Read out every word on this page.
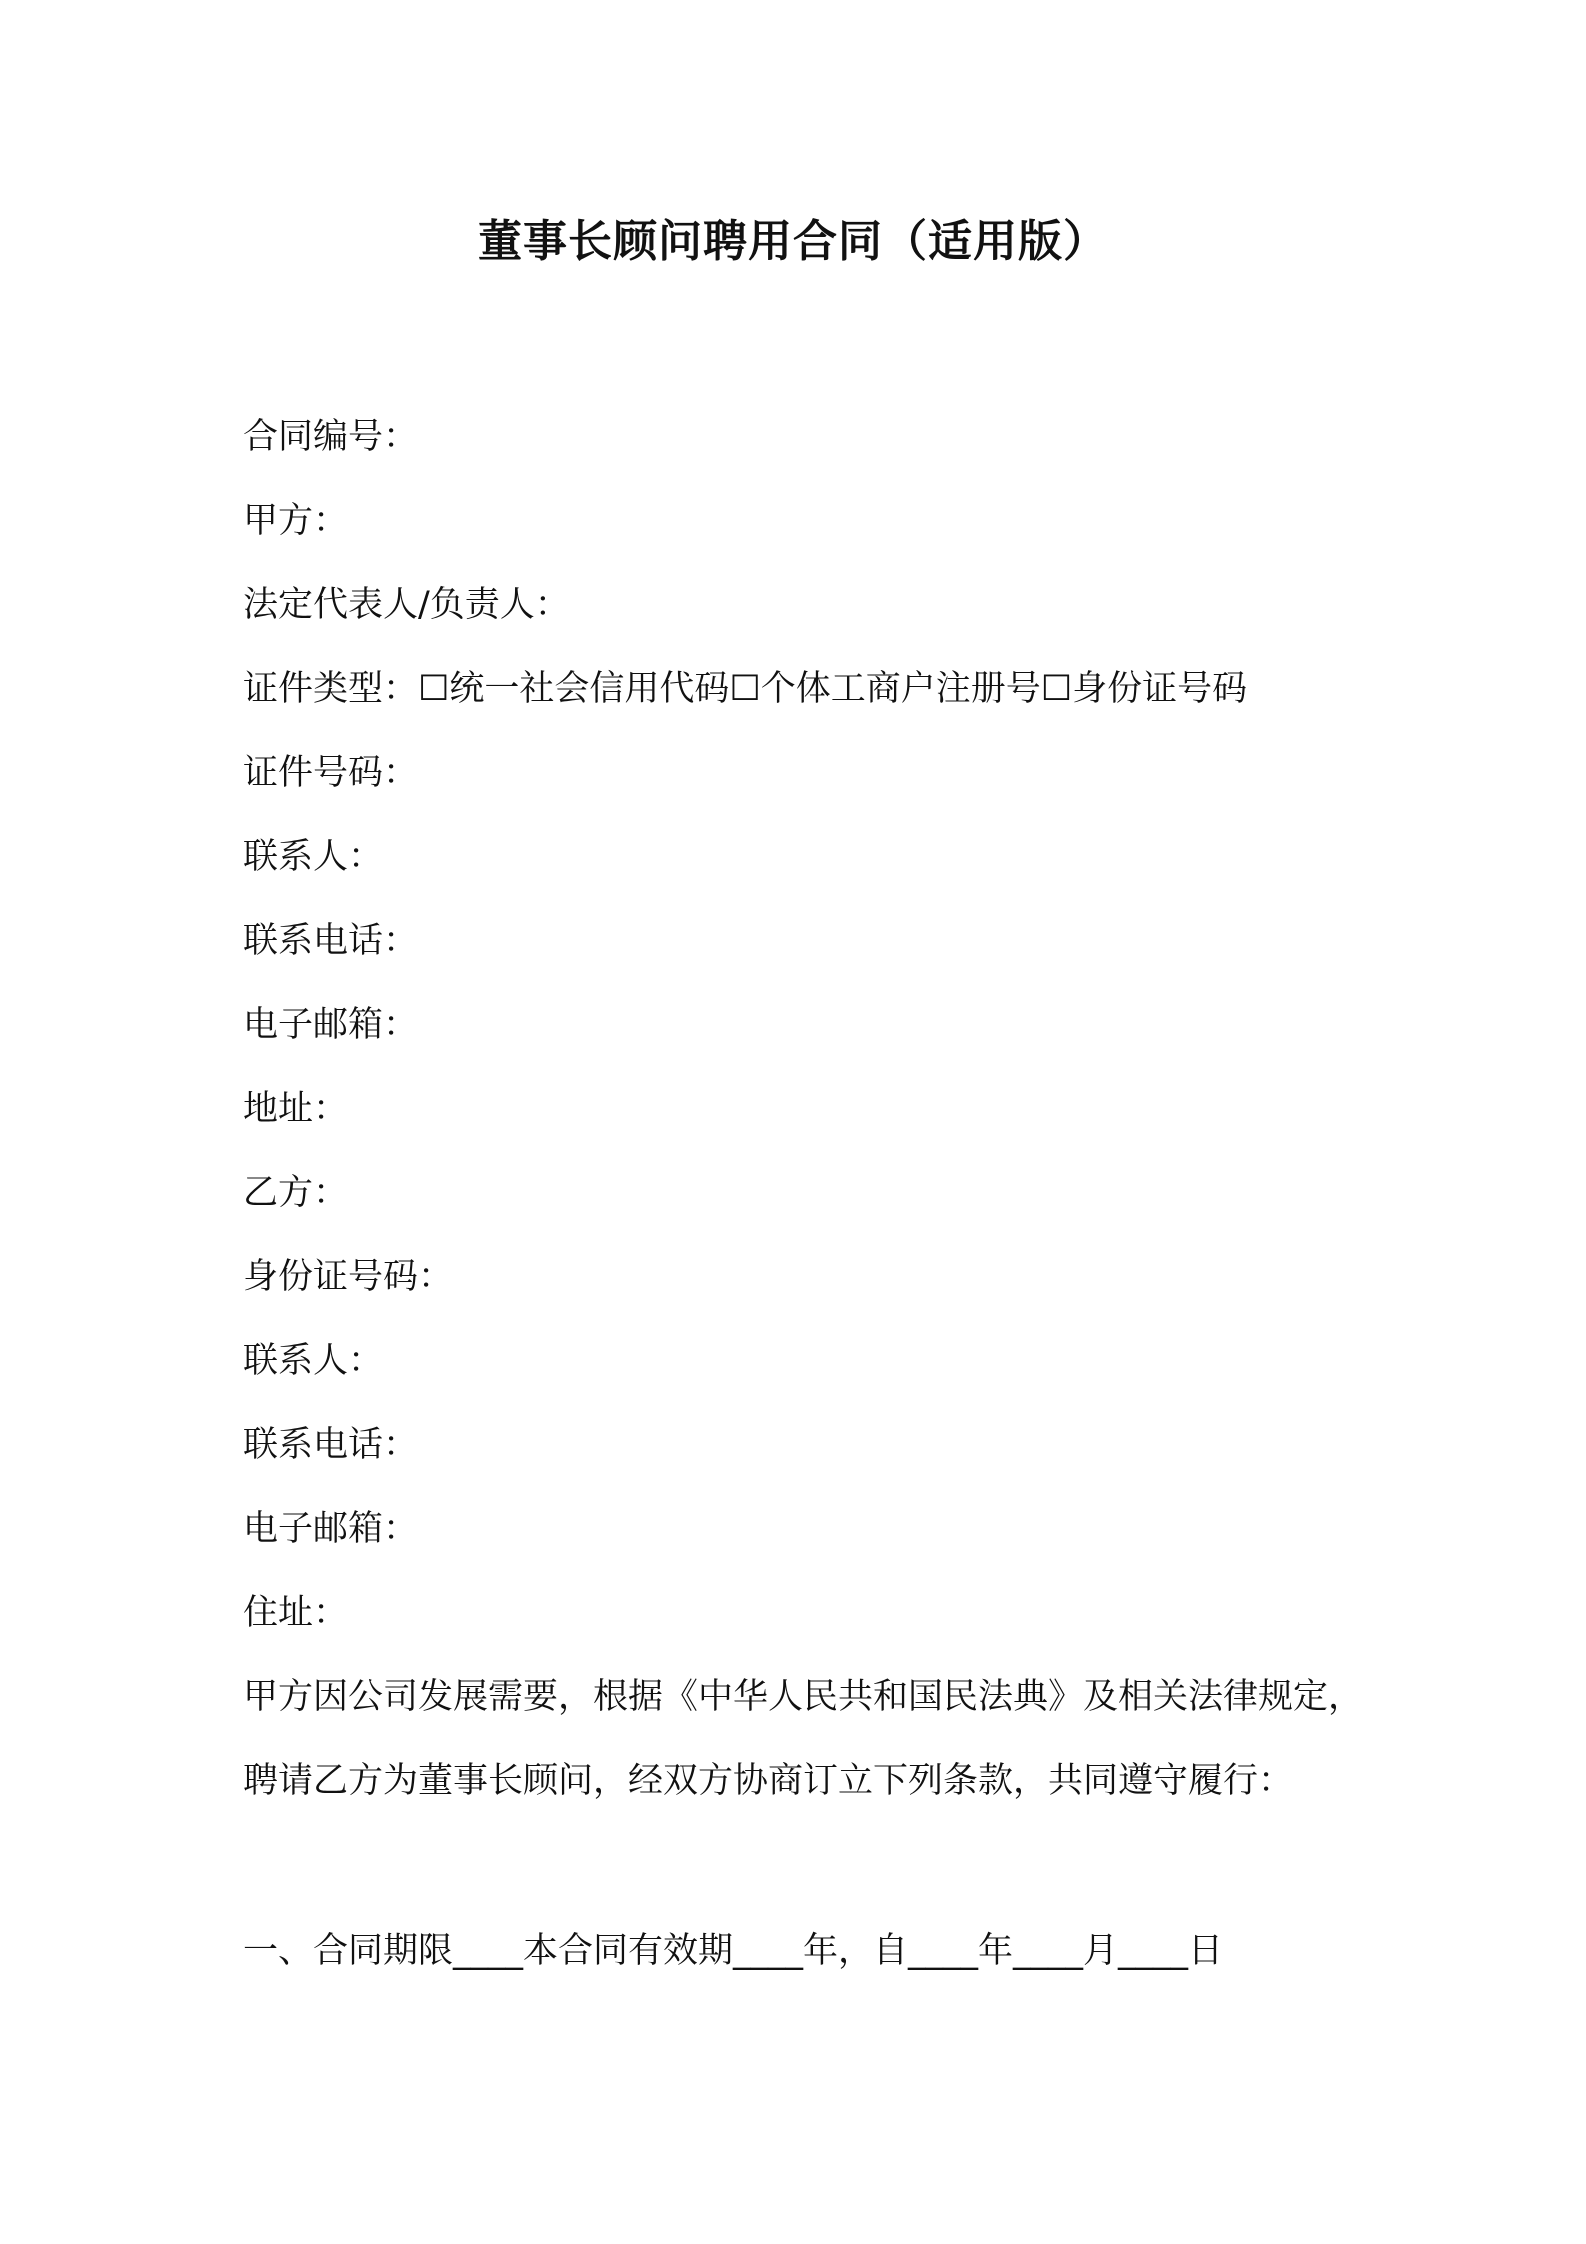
董事长顾问聘用合同（适用版）
合同编号：
甲方：
法定代表人/负责人：
证件类型：☐统一社会信用代码☐个体工商户注册号☐身份证号码
证件号码：
联系人：
联系电话：
电子邮箱：
地址：
乙方：
身份证号码：
联系人：
联系电话：
电子邮箱：
住址：
甲方因公司发展需要，根据《中华人民共和国民法典》及相关法律规定，聘请乙方为董事长顾问，经双方协商订立下列条款，共同遵守履行：
一、合同期限____本合同有效期____年，自____年____月____日
